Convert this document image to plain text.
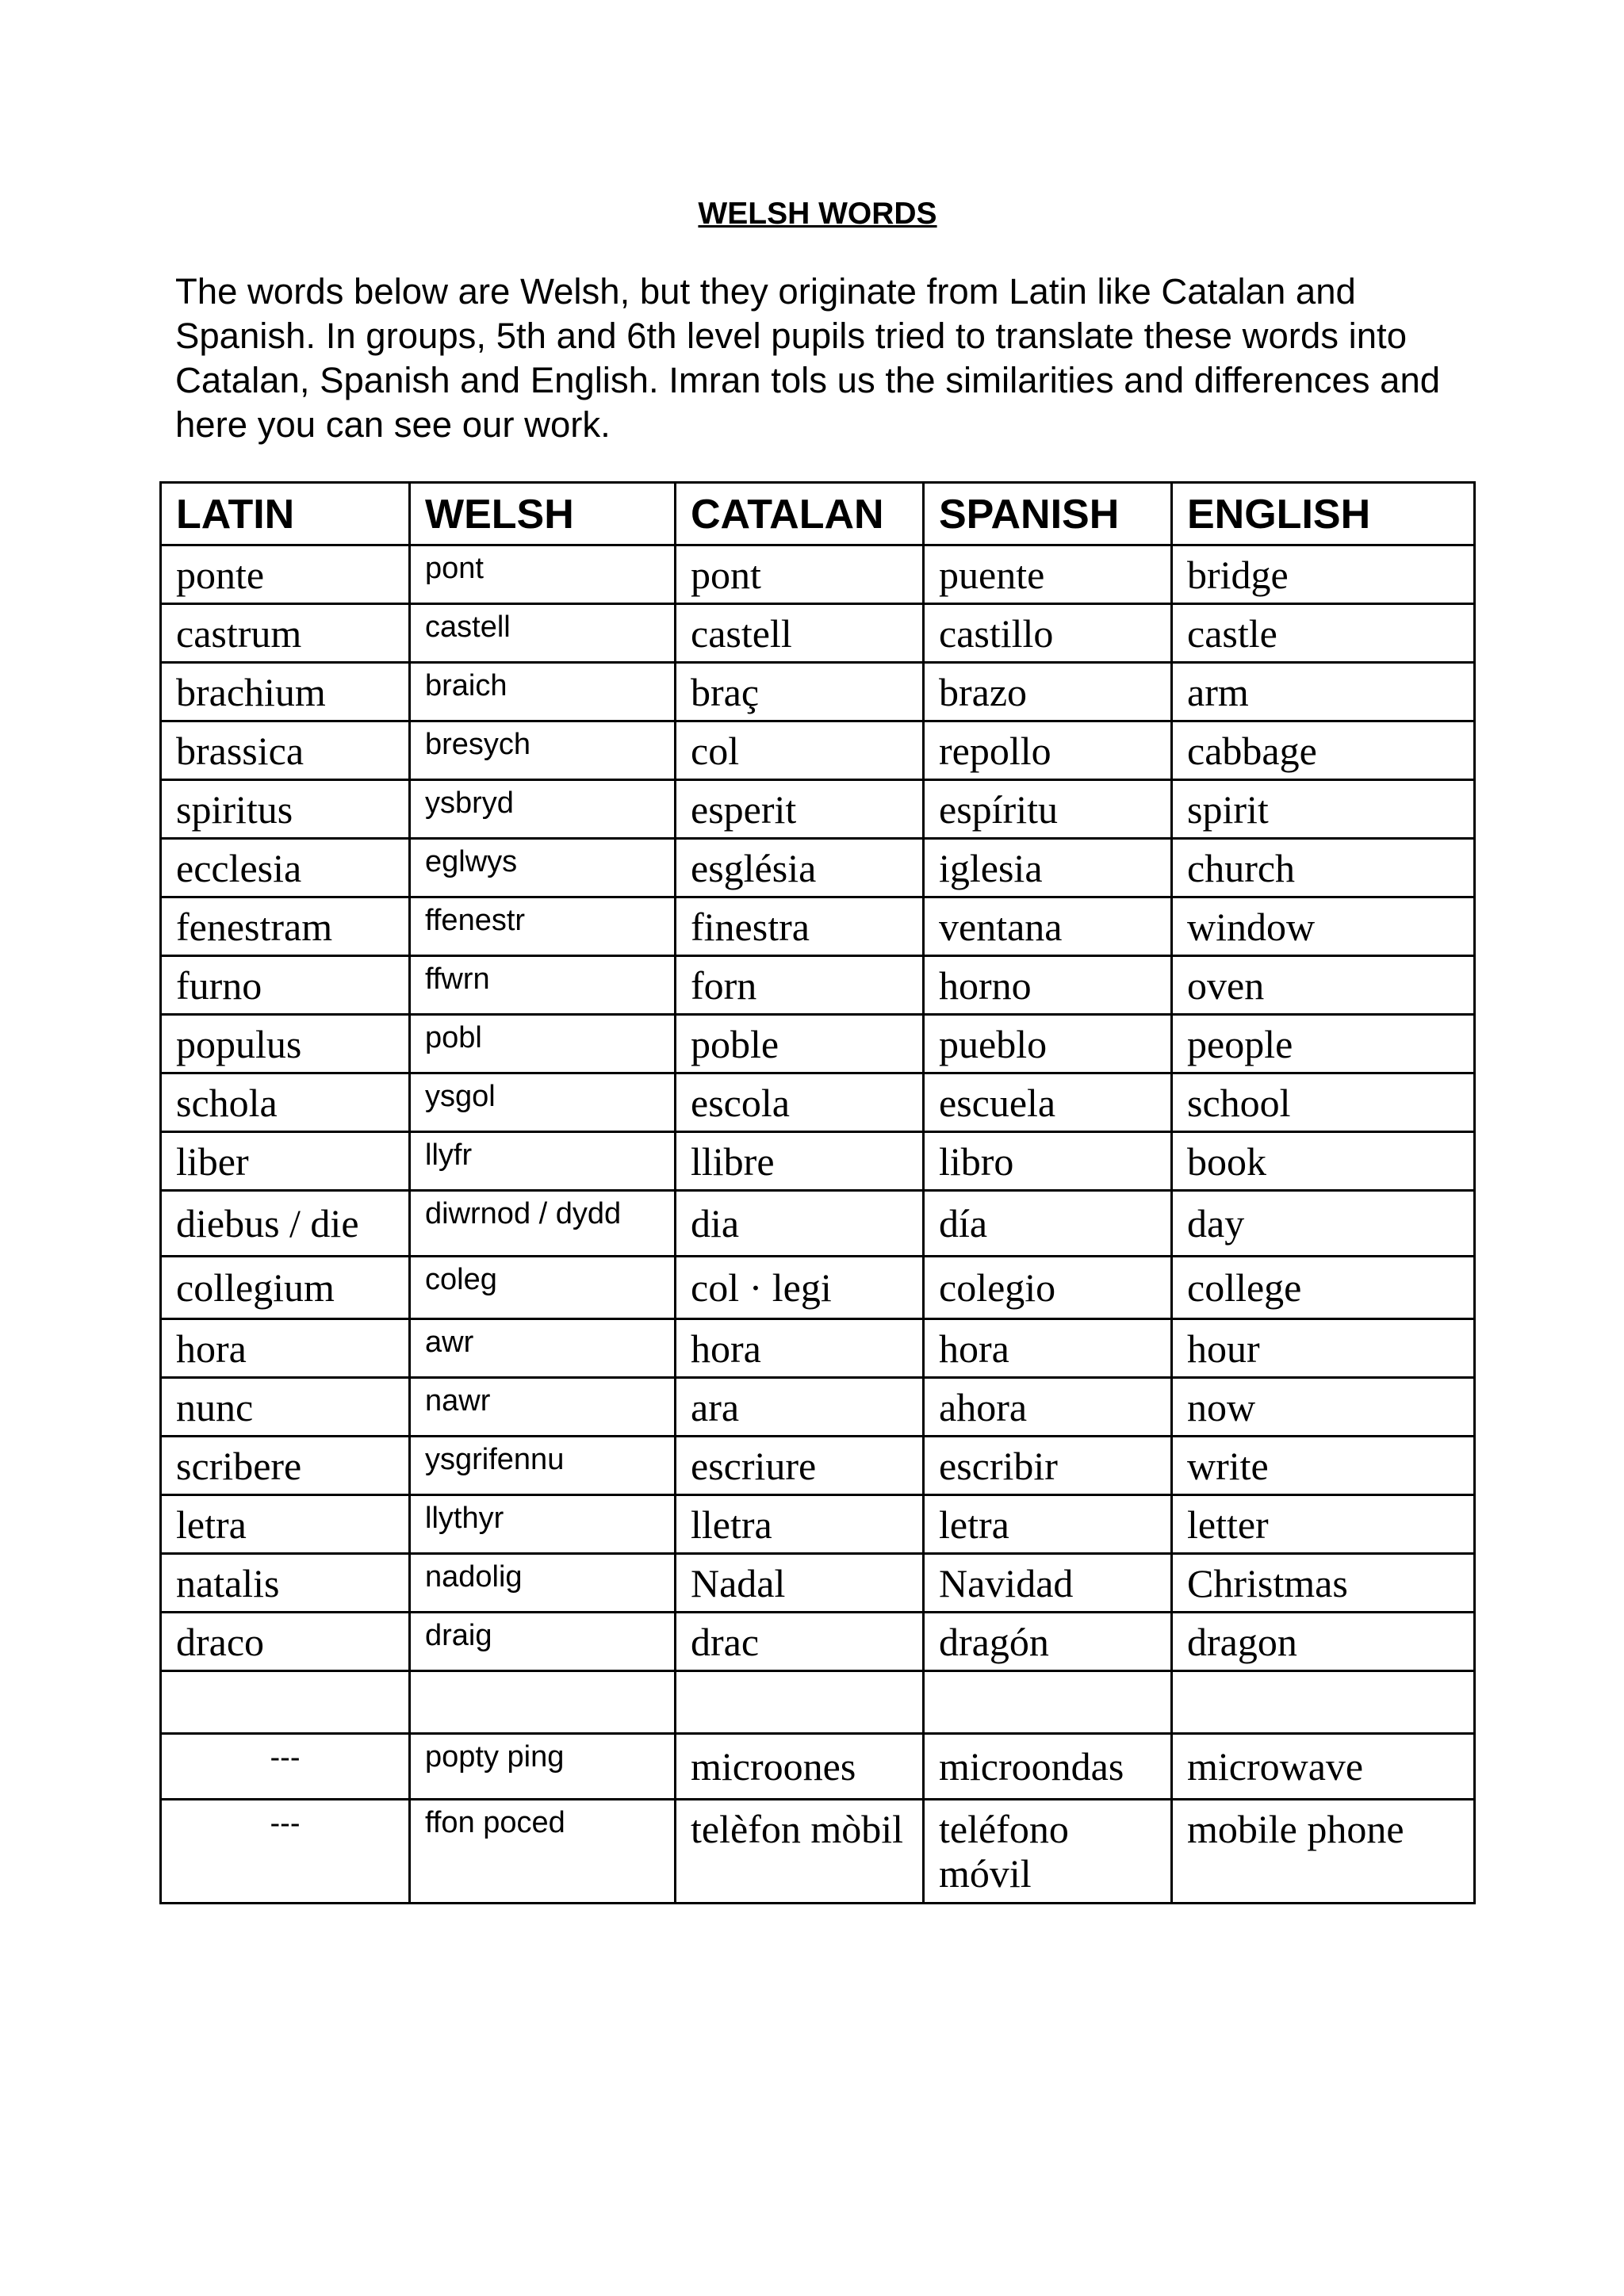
WELSH WORDS

The words below are Welsh, but they originate from Latin like Catalan and Spanish. In groups, 5th and 6th level pupils tried to translate these words into Catalan, Spanish and English. Imran tols us the similarities and differences and here you can see our work.

LATIN	WELSH	CATALAN	SPANISH	ENGLISH
ponte	pont	pont	puente	bridge
castrum	castell	castell	castillo	castle
brachium	braich	braç	brazo	arm
brassica	bresych	col	repollo	cabbage
spiritus	ysbryd	esperit	espíritu	spirit
ecclesia	eglwys	església	iglesia	church
fenestram	ffenestr	finestra	ventana	window
furno	ffwrn	forn	horno	oven
populus	pobl	poble	pueblo	people
schola	ysgol	escola	escuela	school
liber	llyfr	llibre	libro	book
diebus / die	diwrnod / dydd	dia	día	day
collegium	coleg	col · legi	colegio	college
hora	awr	hora	hora	hour
nunc	nawr	ara	ahora	now
scribere	ysgrifennu	escriure	escribir	write
letra	llythyr	lletra	letra	letter
natalis	nadolig	Nadal	Navidad	Christmas
draco	draig	drac	dragón	dragon

---	popty ping	microones	microondas	microwave
---	ffon poced	telèfon mòbil	teléfono móvil	mobile phone
